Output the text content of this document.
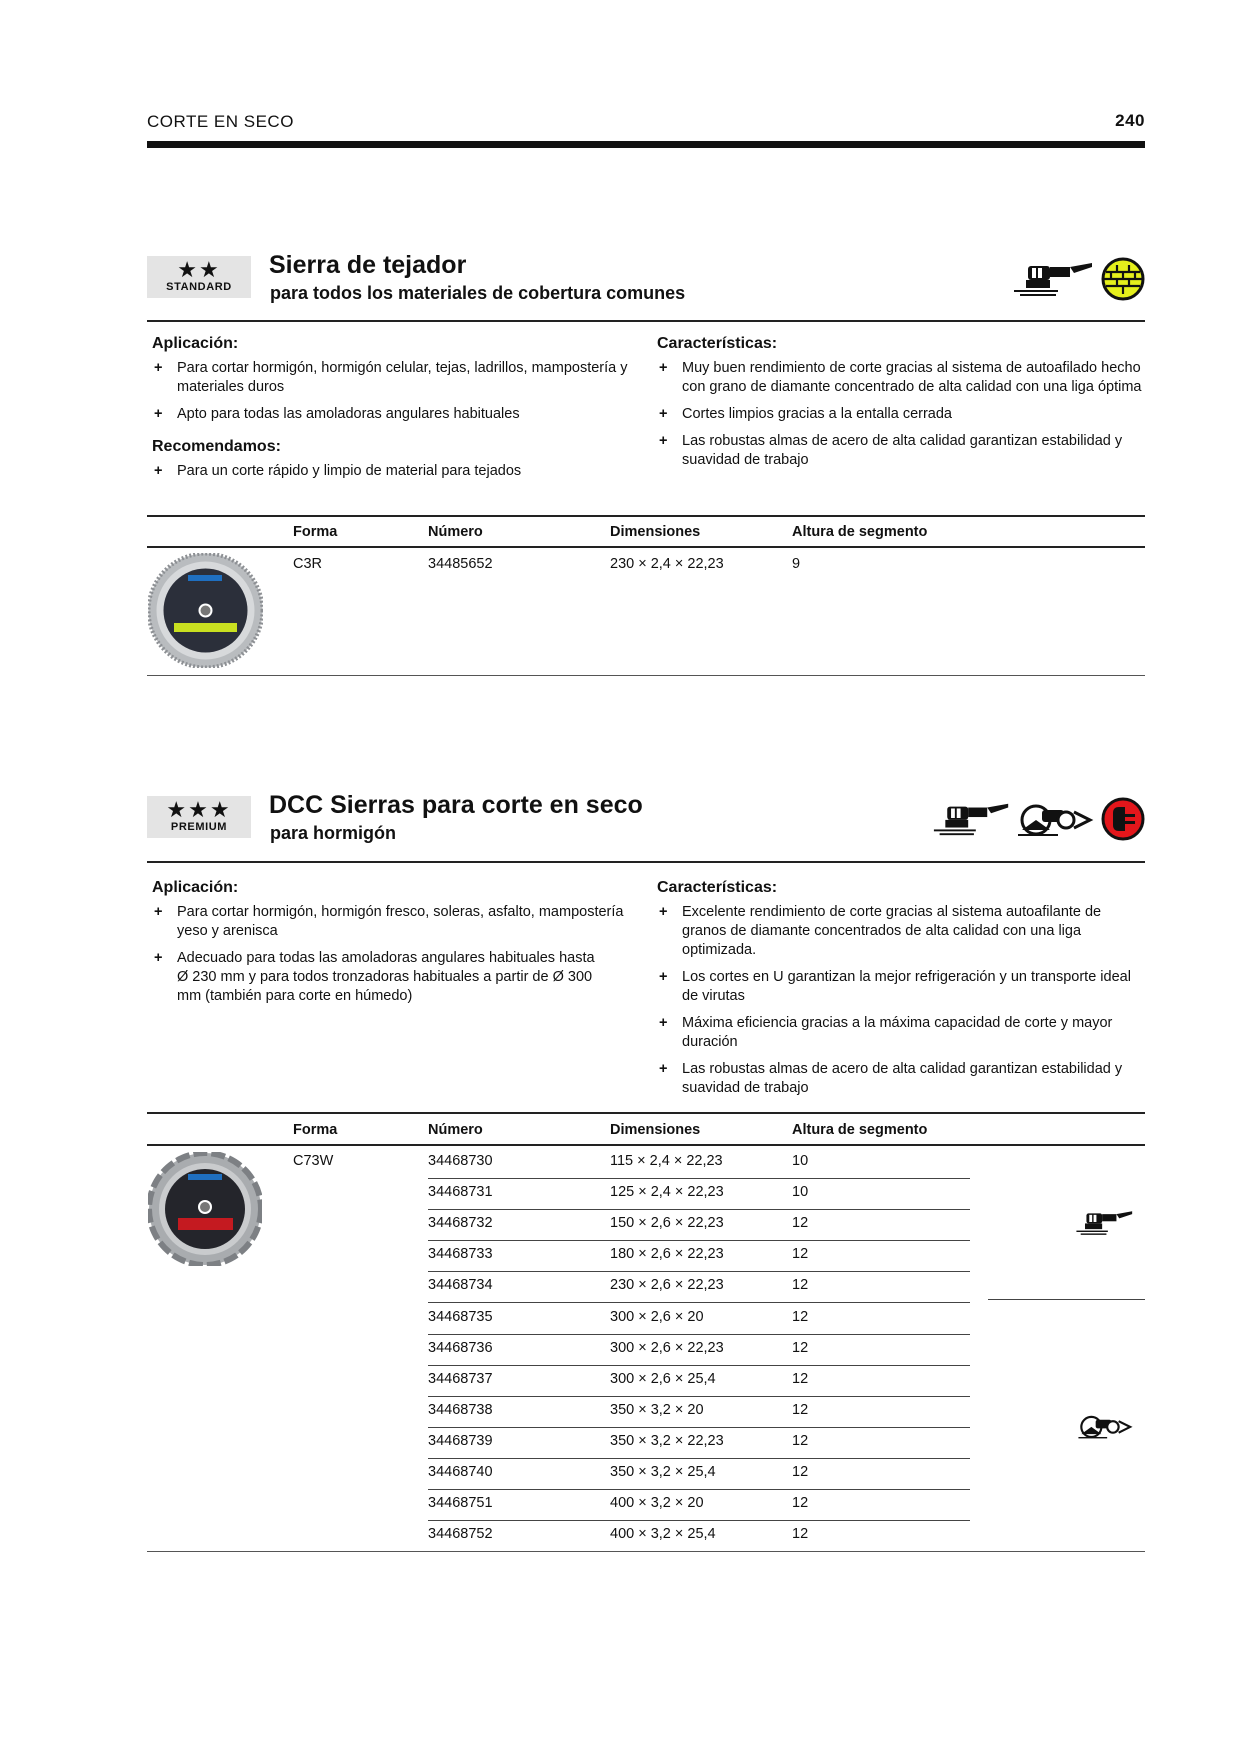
CORTE EN SECO	240
★★
STANDARD
Sierra de tejador
para todos los materiales de cobertura comunes
Aplicación:
+ Para cortar hormigón, hormigón celular, tejas, ladrillos, mampostería y materiales duros
+ Apto para todas las amoladoras angulares habituales
Recomendamos:
+ Para un corte rápido y limpio de material para tejados
Características:
+ Muy buen rendimiento de corte gracias al sistema de autoafilado hecho con grano de diamante concentrado de alta calidad con una liga óptima
+ Cortes limpios gracias a la entalla cerrada
+ Las robustas almas de acero de alta calidad garantizan estabilidad y suavidad de trabajo
Forma	Número	Dimensiones	Altura de segmento
C3R	34485652	230 × 2,4 × 22,23	9
★★★
PREMIUM
DCC Sierras para corte en seco
para hormigón
Aplicación:
+ Para cortar hormigón, hormigón fresco, soleras, asfalto, mampostería yeso y arenisca
+ Adecuado para todas las amoladoras angulares habituales hasta Ø 230 mm y para todos tronzadoras habituales a partir de Ø 300 mm (también para corte en húmedo)
Características:
+ Excelente rendimiento de corte gracias al sistema autoafilante de granos de diamante concentrados de alta calidad con una liga optimizada.
+ Los cortes en U garantizan la mejor refrigeración y un transporte ideal de virutas
+ Máxima eficiencia gracias a la máxima capacidad de corte y mayor duración
+ Las robustas almas de acero de alta calidad garantizan estabilidad y suavidad de trabajo
Forma	Número	Dimensiones	Altura de segmento
C73W	34468730	115 × 2,4 × 22,23	10
34468731	125 × 2,4 × 22,23	10
34468732	150 × 2,6 × 22,23	12
34468733	180 × 2,6 × 22,23	12
34468734	230 × 2,6 × 22,23	12
34468735	300 × 2,6 × 20	12
34468736	300 × 2,6 × 22,23	12
34468737	300 × 2,6 × 25,4	12
34468738	350 × 3,2 × 20	12
34468739	350 × 3,2 × 22,23	12
34468740	350 × 3,2 × 25,4	12
34468751	400 × 3,2 × 20	12
34468752	400 × 3,2 × 25,4	12
